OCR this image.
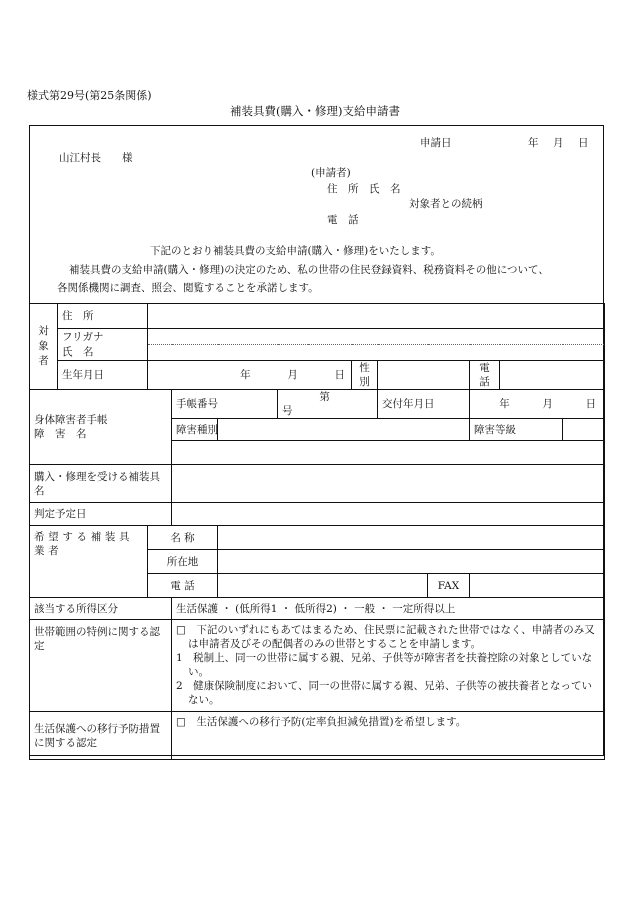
様式第29号(第25条関係)
補装具費(購入・修理)支給申請書
申請日	年 月 日
山江村長　　様
(申請者)
住　所　氏　名
対象者との続柄
電　話
下記のとおり補装具費の支給申請(購入・修理)をいたします。
補装具費の支給申請(購入・修理)の決定のため、私の世帯の住民登録資料、税務資料その他について、
各関係機関に調査、照会、閲覧することを承諾します。
対象者	住　所										
	フリガナ										
	氏　名										
	生年月日	年 月 日				性 別			電 話		

身体障害者手帳
障　害　名			手帳番号		第  号		交付年月日		年 月 日		
			障害種別						障害等級		

購入・修理を受ける補装具名											
判定予定日											
希望する補装具業者		名 称									
		所在地									
		電 話						FAX			
該当する所得区分			生活保護 ・ (低所得1 ・ 低所得2) ・ 一般 ・ 一定所得以上								
世帯範囲の特例に関する認定			□　下記のいずれにもあてはまるため、住民票に記載された世帯ではなく、申請者のみ又は申請者及びその配偶者のみの世帯とすることを申請します。
1　税制上、同一の世帯に属する親、兄弟、子供等が障害者を扶養控除の対象としていない。
2　健康保険制度において、同一の世帯に属する親、兄弟、子供等の被扶養者となっていない。								

生活保護への移行予防措置に関する認定			□　生活保護への移行予防(定率負担減免措置)を希望します。								
